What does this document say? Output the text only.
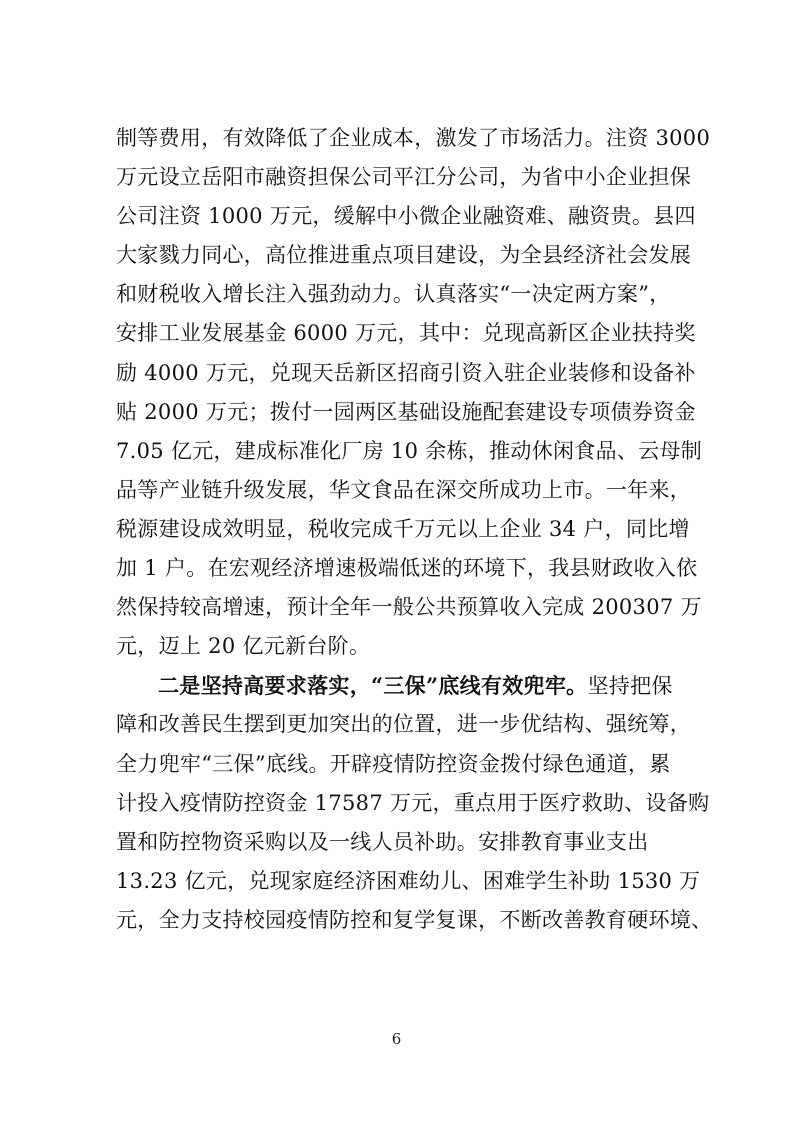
制等费用，有效降低了企业成本，激发了市场活力。注资 3000
万元设立岳阳市融资担保公司平江分公司，为省中小企业担保
公司注资 1000 万元，缓解中小微企业融资难、融资贵。县四
大家戮力同心，高位推进重点项目建设，为全县经济社会发展
和财税收入增长注入强劲动力。认真落实“一决定两方案”，
安排工业发展基金 6000 万元，其中：兑现高新区企业扶持奖
励 4000 万元，兑现天岳新区招商引资入驻企业装修和设备补
贴 2000 万元；拨付一园两区基础设施配套建设专项债券资金
7.05 亿元，建成标准化厂房 10 余栋，推动休闲食品、云母制
品等产业链升级发展，华文食品在深交所成功上市。一年来，
税源建设成效明显，税收完成千万元以上企业 34 户，同比增
加 1 户。在宏观经济增速极端低迷的环境下，我县财政收入依
然保持较高增速，预计全年一般公共预算收入完成 200307 万
元，迈上 20 亿元新台阶。
二是坚持高要求落实，“三保”底线有效兜牢。坚持把保
障和改善民生摆到更加突出的位置，进一步优结构、强统筹，
全力兜牢“三保”底线。开辟疫情防控资金拨付绿色通道，累
计投入疫情防控资金 17587 万元，重点用于医疗救助、设备购
置和防控物资采购以及一线人员补助。安排教育事业支出
13.23 亿元，兑现家庭经济困难幼儿、困难学生补助 1530 万
元，全力支持校园疫情防控和复学复课，不断改善教育硬环境、
6
